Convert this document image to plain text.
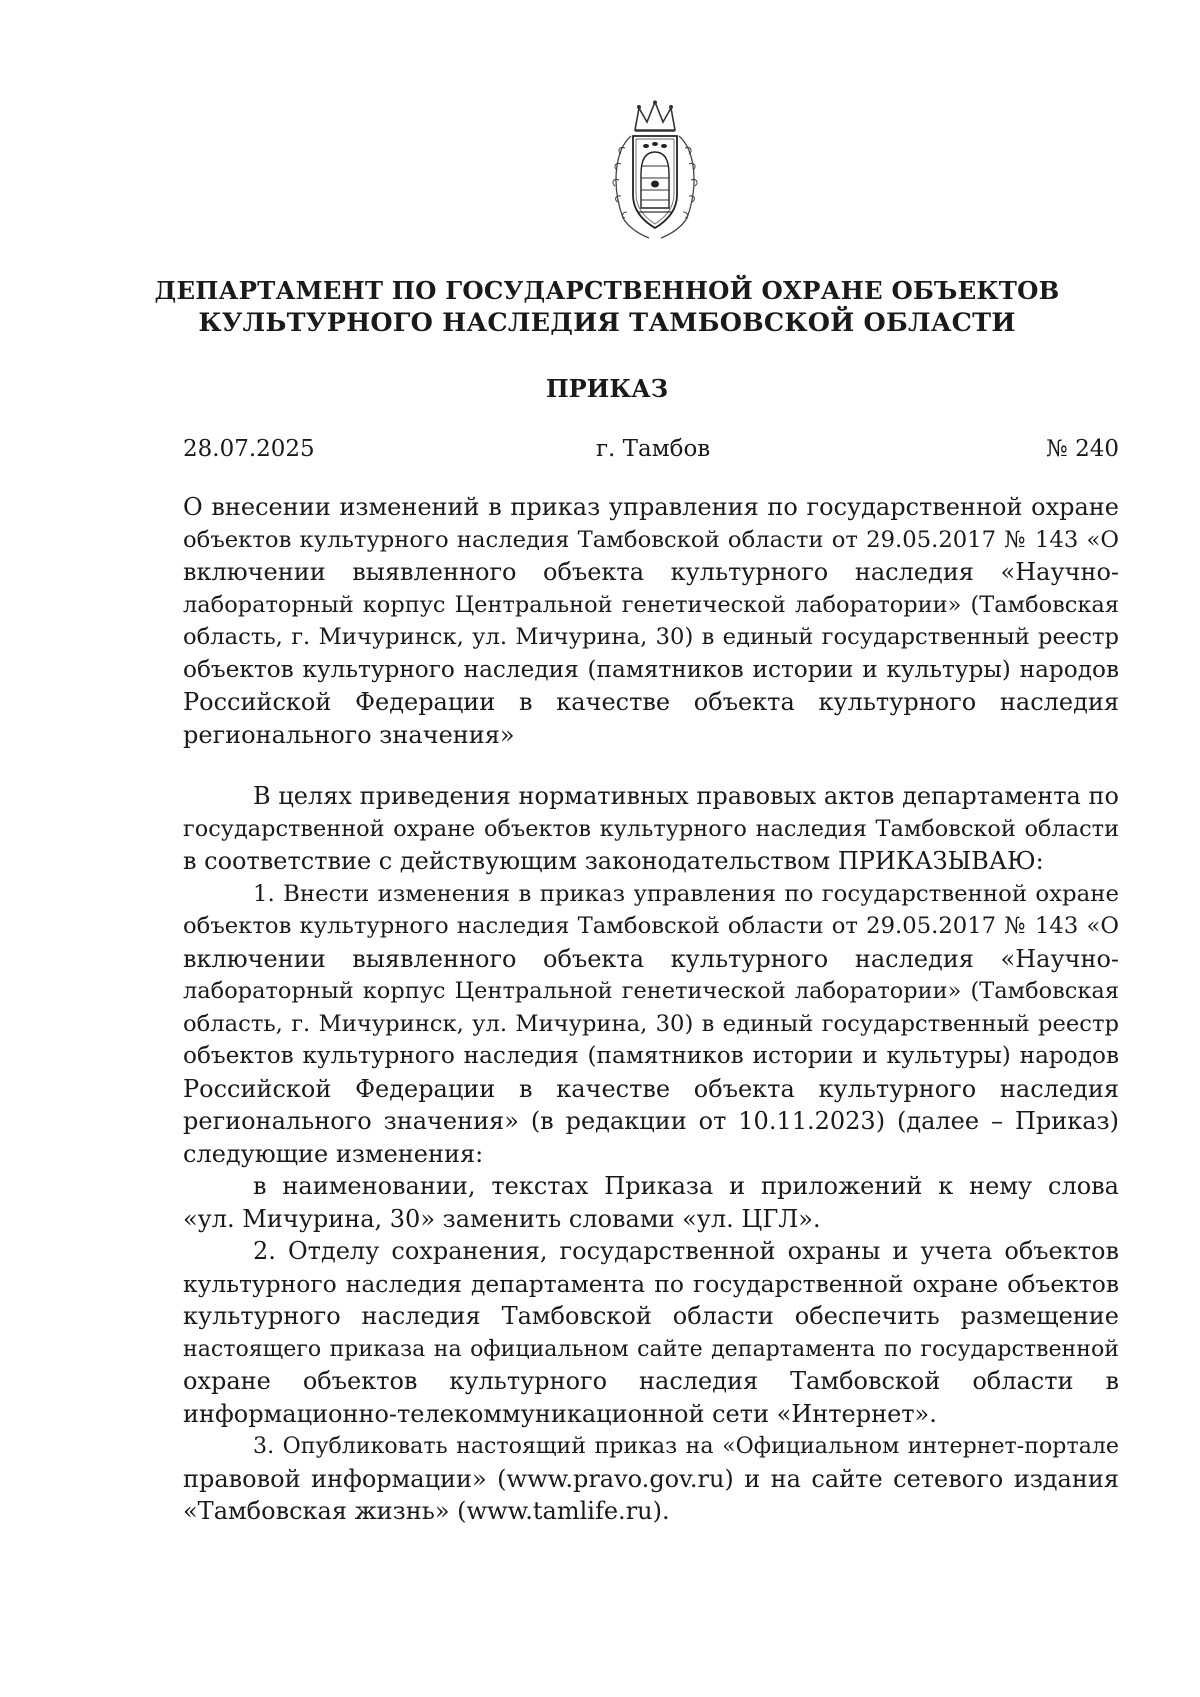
ДЕПАРТАМЕНТ ПО ГОСУДАРСТВЕННОЙ ОХРАНЕ ОБЪЕКТОВ
КУЛЬТУРНОГО НАСЛЕДИЯ ТАМБОВСКОЙ ОБЛАСТИ
ПРИКАЗ
28.07.2025	г. Тамбов	№ 240
О внесении изменений в приказ управления по государственной охране
объектов культурного наследия Тамбовской области от 29.05.2017 № 143 «О
включении выявленного объекта культурного наследия «Научно-
лабораторный корпус Центральной генетической лаборатории» (Тамбовская
область, г. Мичуринск, ул. Мичурина, 30) в единый государственный реестр
объектов культурного наследия (памятников истории и культуры) народов
Российской Федерации в качестве объекта культурного наследия
регионального значения»
В целях приведения нормативных правовых актов департамента по
государственной охране объектов культурного наследия Тамбовской области
в соответствие с действующим законодательством ПРИКАЗЫВАЮ:
1. Внести изменения в приказ управления по государственной охране
объектов культурного наследия Тамбовской области от 29.05.2017 № 143 «О
включении выявленного объекта культурного наследия «Научно-
лабораторный корпус Центральной генетической лаборатории» (Тамбовская
область, г. Мичуринск, ул. Мичурина, 30) в единый государственный реестр
объектов культурного наследия (памятников истории и культуры) народов
Российской Федерации в качестве объекта культурного наследия
регионального значения» (в редакции от 10.11.2023) (далее – Приказ)
следующие изменения:
в наименовании, текстах Приказа и приложений к нему слова
«ул. Мичурина, 30» заменить словами «ул. ЦГЛ».
2. Отделу сохранения, государственной охраны и учета объектов
культурного наследия департамента по государственной охране объектов
культурного наследия Тамбовской области обеспечить размещение
настоящего приказа на официальном сайте департамента по государственной
охране объектов культурного наследия Тамбовской области в
информационно-телекоммуникационной сети «Интернет».
3. Опубликовать настоящий приказ на «Официальном интернет-портале
правовой информации» (www.pravo.gov.ru) и на сайте сетевого издания
«Тамбовская жизнь» (www.tamlife.ru).
